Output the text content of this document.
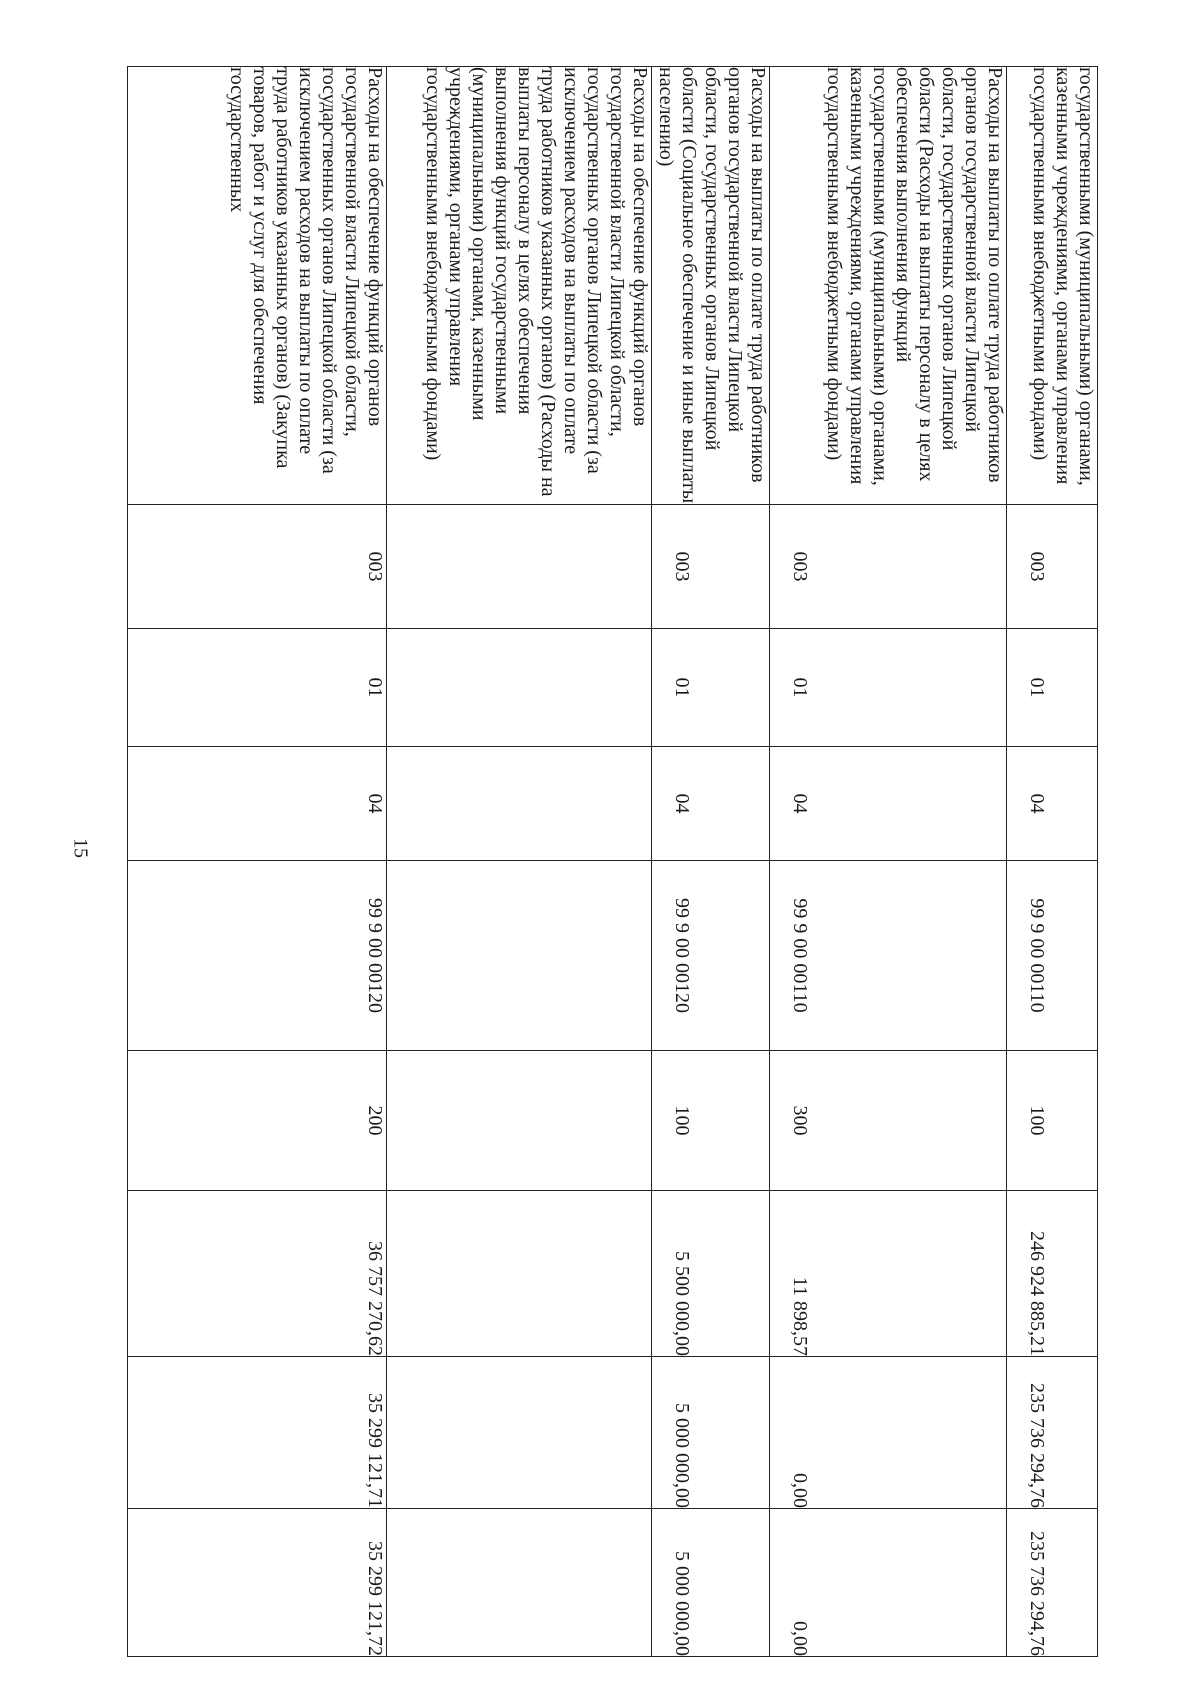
15
государственными (муниципальными) органами, казенными учреждениями, органами управления государственными внебюджетными фондами)								
Расходы на выплаты по оплате труда работников органов государственной власти Липецкой области, государственных органов Липецкой области (Расходы на выплаты персоналу в целях обеспечения выполнения функций государственными (муниципальными) органами, казенными учреждениями, органами управления государственными внебюджетными фондами)	003	01	04	99 9 00 00110	100	246 924 885,21	235 736 294,76	235 736 294,76
Расходы на выплаты по оплате труда работников органов государственной власти Липецкой области, государственных органов Липецкой области (Социальное обеспечение и иные выплаты населению)	003	01	04	99 9 00 00110	300	11 898,57	0,00	0,00
Расходы на обеспечение функций органов государственной власти Липецкой области, государственных органов Липецкой области (за исключением расходов на выплаты по оплате труда работников указанных органов) (Расходы на выплаты персоналу в целях обеспечения выполнения функций государственными (муниципальными) органами, казенными учреждениями, органами управления государственными внебюджетными фондами)	003	01	04	99 9 00 00120	100	5 500 000,00	5 000 000,00	5 000 000,00
Расходы на обеспечение функций органов государственной власти Липецкой области, государственных органов Липецкой области (за исключением расходов на выплаты по оплате труда работников указанных органов) (Закупка товаров, работ и услуг для обеспечения государственных	003	01	04	99 9 00 00120	200	36 757 270,62	35 299 121,71	35 299 121,72
